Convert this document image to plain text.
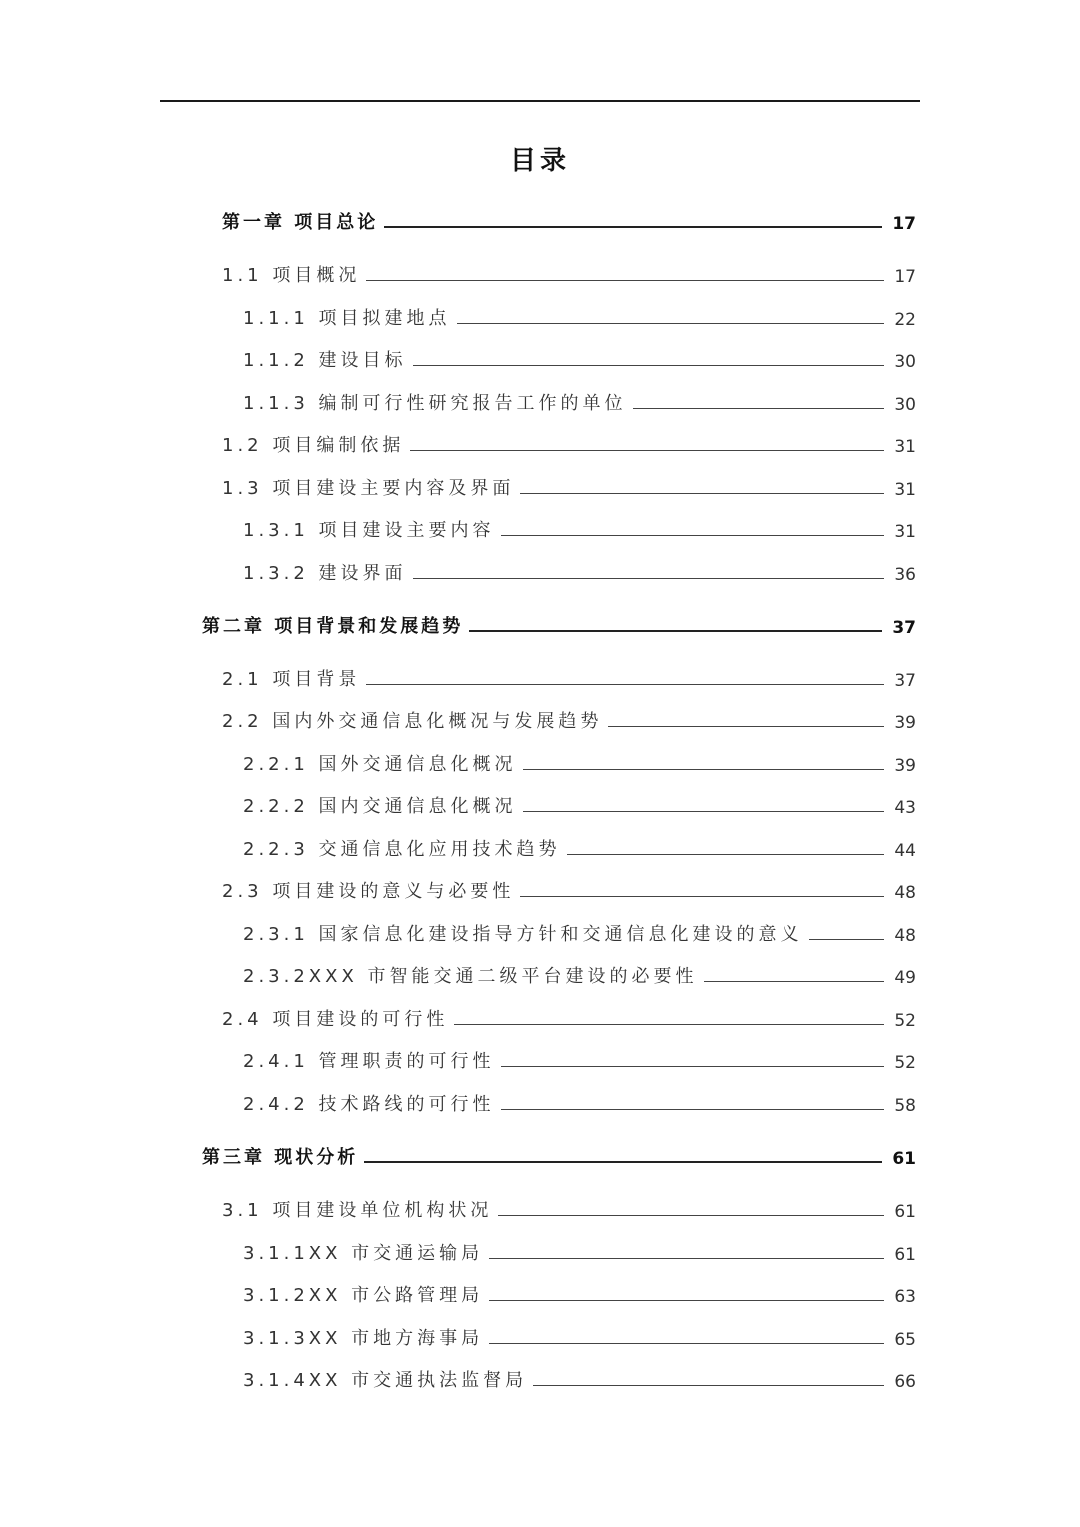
目录
第一章 项目总论	17
1.1 项目概况	17
1.1.1 项目拟建地点	22
1.1.2 建设目标	30
1.1.3 编制可行性研究报告工作的单位	30
1.2 项目编制依据	31
1.3 项目建设主要内容及界面	31
1.3.1 项目建设主要内容	31
1.3.2 建设界面	36
第二章 项目背景和发展趋势	37
2.1 项目背景	37
2.2 国内外交通信息化概况与发展趋势	39
2.2.1 国外交通信息化概况	39
2.2.2 国内交通信息化概况	43
2.2.3 交通信息化应用技术趋势	44
2.3 项目建设的意义与必要性	48
2.3.1 国家信息化建设指导方针和交通信息化建设的意义	48
2.3.2XXX 市智能交通二级平台建设的必要性	49
2.4 项目建设的可行性	52
2.4.1 管理职责的可行性	52
2.4.2 技术路线的可行性	58
第三章 现状分析	61
3.1 项目建设单位机构状况	61
3.1.1XX 市交通运输局	61
3.1.2XX 市公路管理局	63
3.1.3XX 市地方海事局	65
3.1.4XX 市交通执法监督局	66
